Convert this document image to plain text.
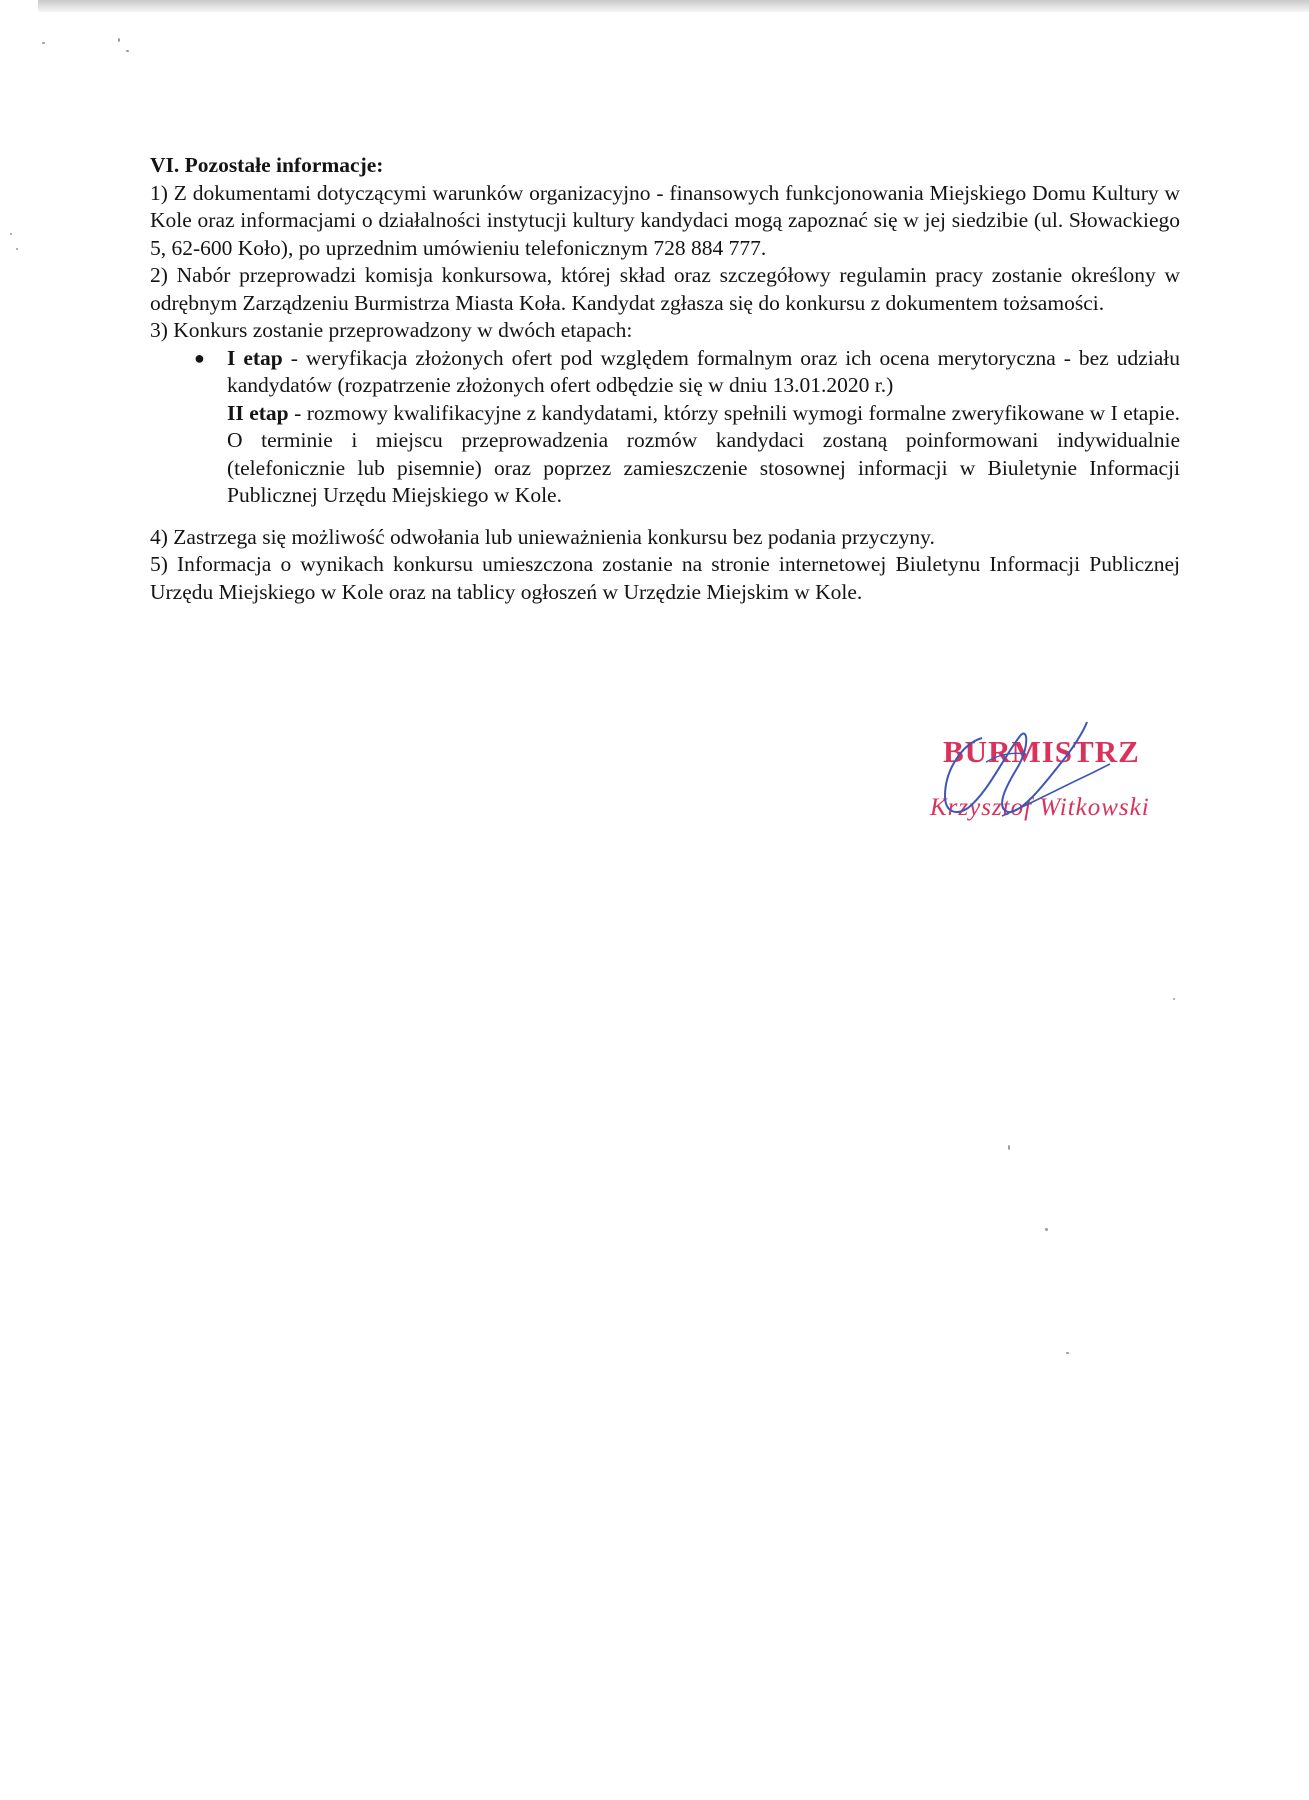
VI. Pozostałe informacje:

1) Z dokumentami dotyczącymi warunków organizacyjno - finansowych funkcjonowania Miejskiego Domu Kultury w Kole oraz informacjami o działalności instytucji kultury kandydaci mogą zapoznać się w jej siedzibie (ul. Słowackiego 5, 62-600 Koło), po uprzednim umówieniu telefonicznym 728 884 777.

2) Nabór przeprowadzi komisja konkursowa, której skład oraz szczegółowy regulamin pracy zostanie określony w odrębnym Zarządzeniu Burmistrza Miasta Koła. Kandydat zgłasza się do konkursu z dokumentem tożsamości.

3) Konkurs zostanie przeprowadzony w dwóch etapach:

● I etap - weryfikacja złożonych ofert pod względem formalnym oraz ich ocena merytoryczna - bez udziału kandydatów (rozpatrzenie złożonych ofert odbędzie się w dniu 13.01.2020 r.)

II etap - rozmowy kwalifikacyjne z kandydatami, którzy spełnili wymogi formalne zweryfikowane w I etapie. O terminie i miejscu przeprowadzenia rozmów kandydaci zostaną poinformowani indywidualnie (telefonicznie lub pisemnie) oraz poprzez zamieszczenie stosownej informacji w Biuletynie Informacji Publicznej Urzędu Miejskiego w Kole.

4) Zastrzega się możliwość odwołania lub unieważnienia konkursu bez podania przyczyny.

5) Informacja o wynikach konkursu umieszczona zostanie na stronie internetowej Biuletynu Informacji Publicznej Urzędu Miejskiego w Kole oraz na tablicy ogłoszeń w Urzędzie Miejskim w Kole.

BURMISTRZ
Krzysztof Witkowski
